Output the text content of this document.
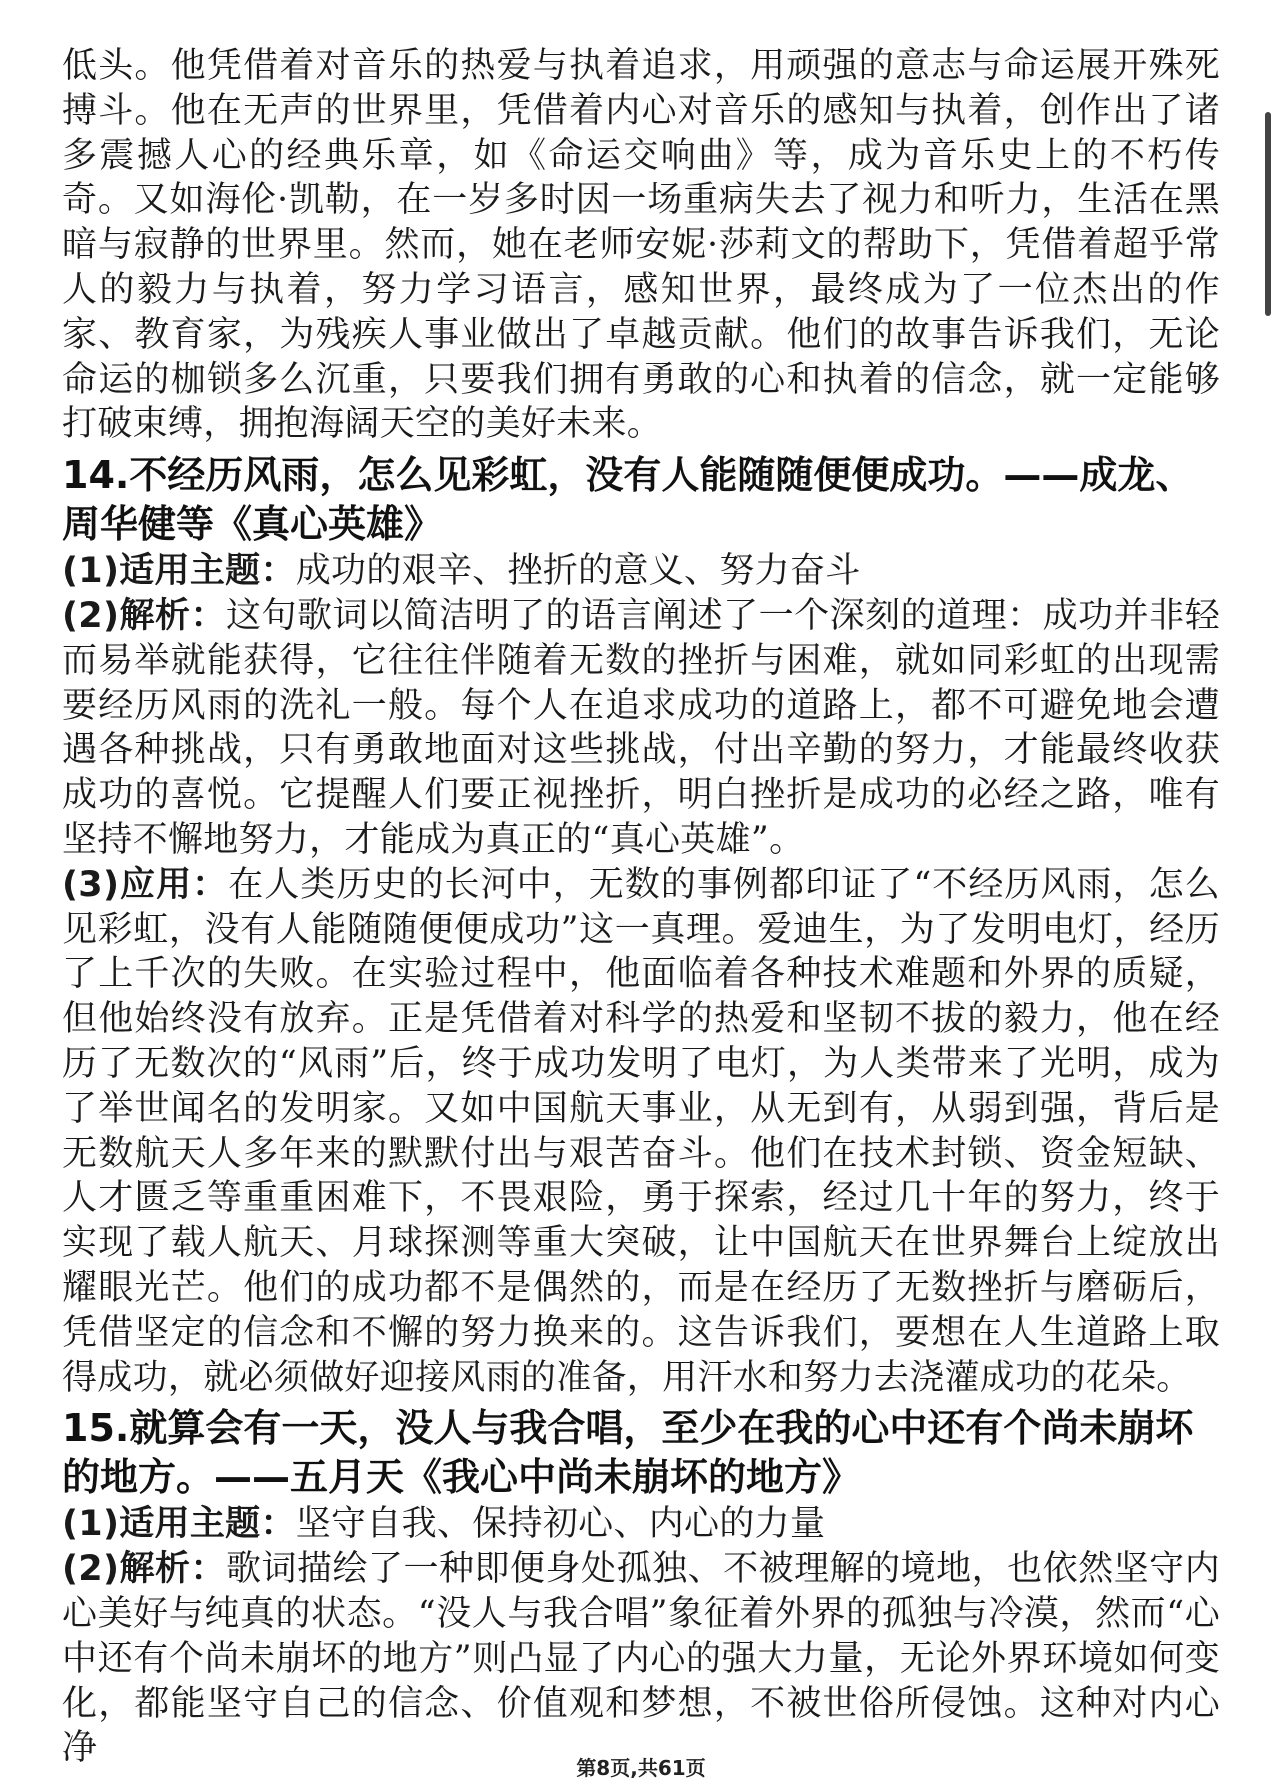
低头。他凭借着对音乐的热爱与执着追求，用顽强的意志与命运展开殊死搏斗。他在无声的世界里，凭借着内心对音乐的感知与执着，创作出了诸多震撼人心的经典乐章，如《命运交响曲》等，成为音乐史上的不朽传奇。又如海伦·凯勒，在一岁多时因一场重病失去了视力和听力，生活在黑暗与寂静的世界里。然而，她在老师安妮·莎莉文的帮助下，凭借着超乎常人的毅力与执着，努力学习语言，感知世界，最终成为了一位杰出的作家、教育家，为残疾人事业做出了卓越贡献。他们的故事告诉我们，无论命运的枷锁多么沉重，只要我们拥有勇敢的心和执着的信念，就一定能够打破束缚，拥抱海阔天空的美好未来。

14.不经历风雨，怎么见彩虹，没有人能随随便便成功。——成龙、周华健等《真心英雄》

(1)适用主题：成功的艰辛、挫折的意义、努力奋斗

(2)解析：这句歌词以简洁明了的语言阐述了一个深刻的道理：成功并非轻而易举就能获得，它往往伴随着无数的挫折与困难，就如同彩虹的出现需要经历风雨的洗礼一般。每个人在追求成功的道路上，都不可避免地会遭遇各种挑战，只有勇敢地面对这些挑战，付出辛勤的努力，才能最终收获成功的喜悦。它提醒人们要正视挫折，明白挫折是成功的必经之路，唯有坚持不懈地努力，才能成为真正的“真心英雄”。

(3)应用：在人类历史的长河中，无数的事例都印证了“不经历风雨，怎么见彩虹，没有人能随随便便成功”这一真理。爱迪生，为了发明电灯，经历了上千次的失败。在实验过程中，他面临着各种技术难题和外界的质疑，但他始终没有放弃。正是凭借着对科学的热爱和坚韧不拔的毅力，他在经历了无数次的“风雨”后，终于成功发明了电灯，为人类带来了光明，成为了举世闻名的发明家。又如中国航天事业，从无到有，从弱到强，背后是无数航天人多年来的默默付出与艰苦奋斗。他们在技术封锁、资金短缺、人才匮乏等重重困难下，不畏艰险，勇于探索，经过几十年的努力，终于实现了载人航天、月球探测等重大突破，让中国航天在世界舞台上绽放出耀眼光芒。他们的成功都不是偶然的，而是在经历了无数挫折与磨砺后，凭借坚定的信念和不懈的努力换来的。这告诉我们，要想在人生道路上取得成功，就必须做好迎接风雨的准备，用汗水和努力去浇灌成功的花朵。

15.就算会有一天，没人与我合唱，至少在我的心中还有个尚未崩坏的地方。——五月天《我心中尚未崩坏的地方》

(1)适用主题：坚守自我、保持初心、内心的力量

(2)解析：歌词描绘了一种即便身处孤独、不被理解的境地，也依然坚守内心美好与纯真的状态。“没人与我合唱”象征着外界的孤独与冷漠，然而“心中还有个尚未崩坏的地方”则凸显了内心的强大力量，无论外界环境如何变化，都能坚守自己的信念、价值观和梦想，不被世俗所侵蚀。这种对内心净	第8页,共61页
